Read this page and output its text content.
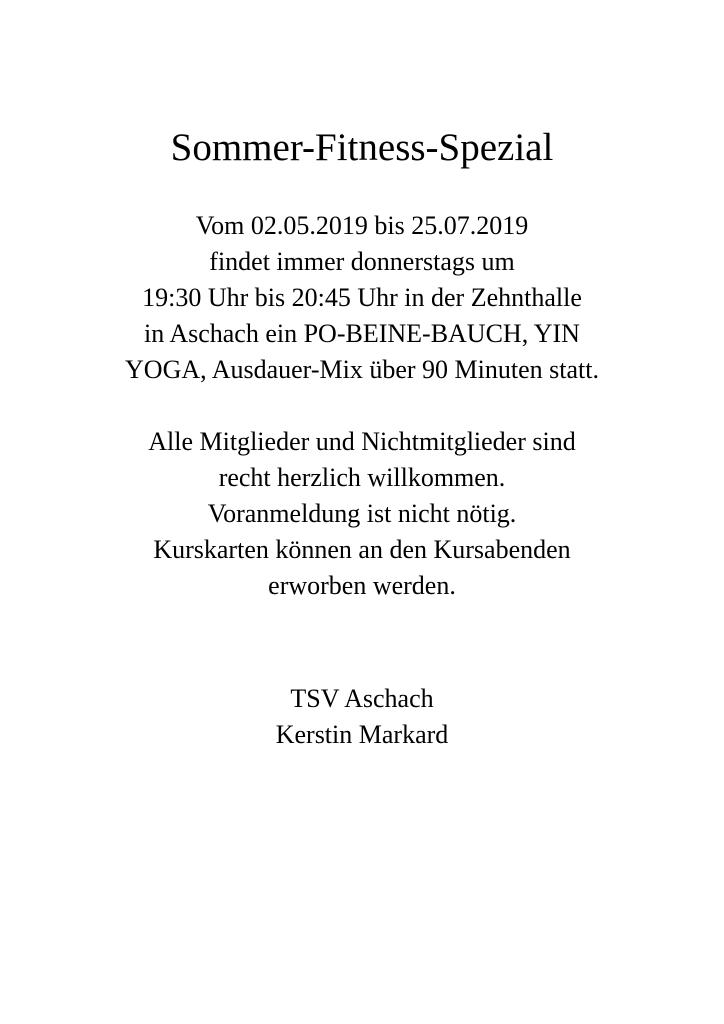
Sommer-Fitness-Spezial
Vom 02.05.2019 bis 25.07.2019
findet immer donnerstags um
19:30 Uhr bis 20:45 Uhr in der Zehnthalle
in Aschach ein PO-BEINE-BAUCH, YIN
YOGA, Ausdauer-Mix über 90 Minuten statt.
Alle Mitglieder und Nichtmitglieder sind
recht herzlich willkommen.
Voranmeldung ist nicht nötig.
Kurskarten können an den Kursabenden
erworben werden.
TSV Aschach
Kerstin Markard
